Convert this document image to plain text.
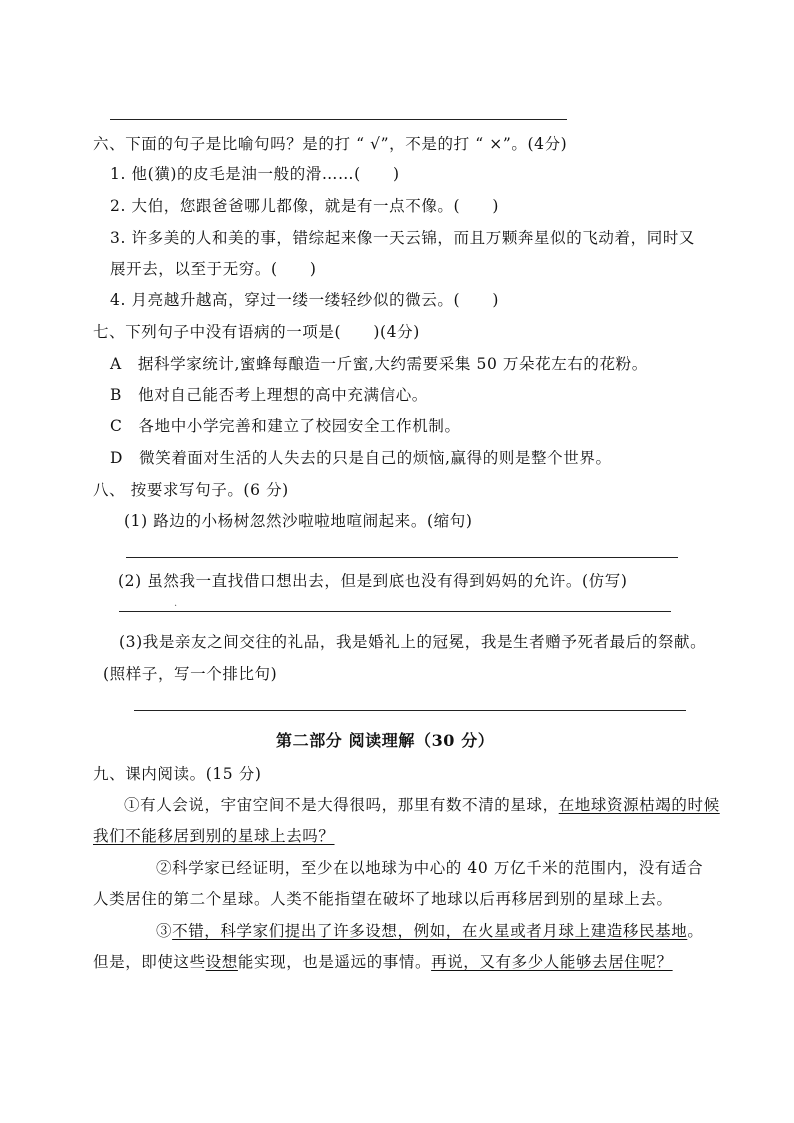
六、下面的句子是比喻句吗？是的打 “ √”，不是的打 “ ×”。(4分)
1. 他(獚)的皮毛是油一般的滑……(　　)
2. 大伯，您跟爸爸哪儿都像，就是有一点不像。(　　)
3. 许多美的人和美的事，错综起来像一天云锦，而且万颗奔星似的飞动着，同时又
展开去，以至于无穷。(　　)
4. 月亮越升越高，穿过一缕一缕轻纱似的微云。(　　)
七、下列句子中没有语病的一项是(　　)(4分)
A　据科学家统计,蜜蜂每酿造一斤蜜,大约需要采集 50 万朵花左右的花粉。
B　他对自己能否考上理想的高中充满信心。
C　各地中小学完善和建立了校园安全工作机制。
D　微笑着面对生活的人失去的只是自己的烦恼,赢得的则是整个世界。
八、 按要求写句子。(6 分)
(1) 路边的小杨树忽然沙啦啦地喧闹起来。(缩句)
(2) 虽然我一直找借口想出去，但是到底也没有得到妈妈的允许。(仿写)
·
(3)我是亲友之间交往的礼品，我是婚礼上的冠冕，我是生者赠予死者最后的祭献。
(照样子，写一个排比句)
第二部分 阅读理解（30 分）
九、课内阅读。(15 分)
①有人会说，宇宙空间不是大得很吗，那里有数不清的星球，在地球资源枯竭的时候
我们不能移居到别的星球上去吗？
②科学家已经证明，至少在以地球为中心的 40 万亿千米的范围内，没有适合
人类居住的第二个星球。人类不能指望在破坏了地球以后再移居到别的星球上去。
③不错，科学家们提出了许多设想，例如，在火星或者月球上建造移民基地。
但是，即使这些设想能实现，也是遥远的事情。再说，又有多少人能够去居住呢？
